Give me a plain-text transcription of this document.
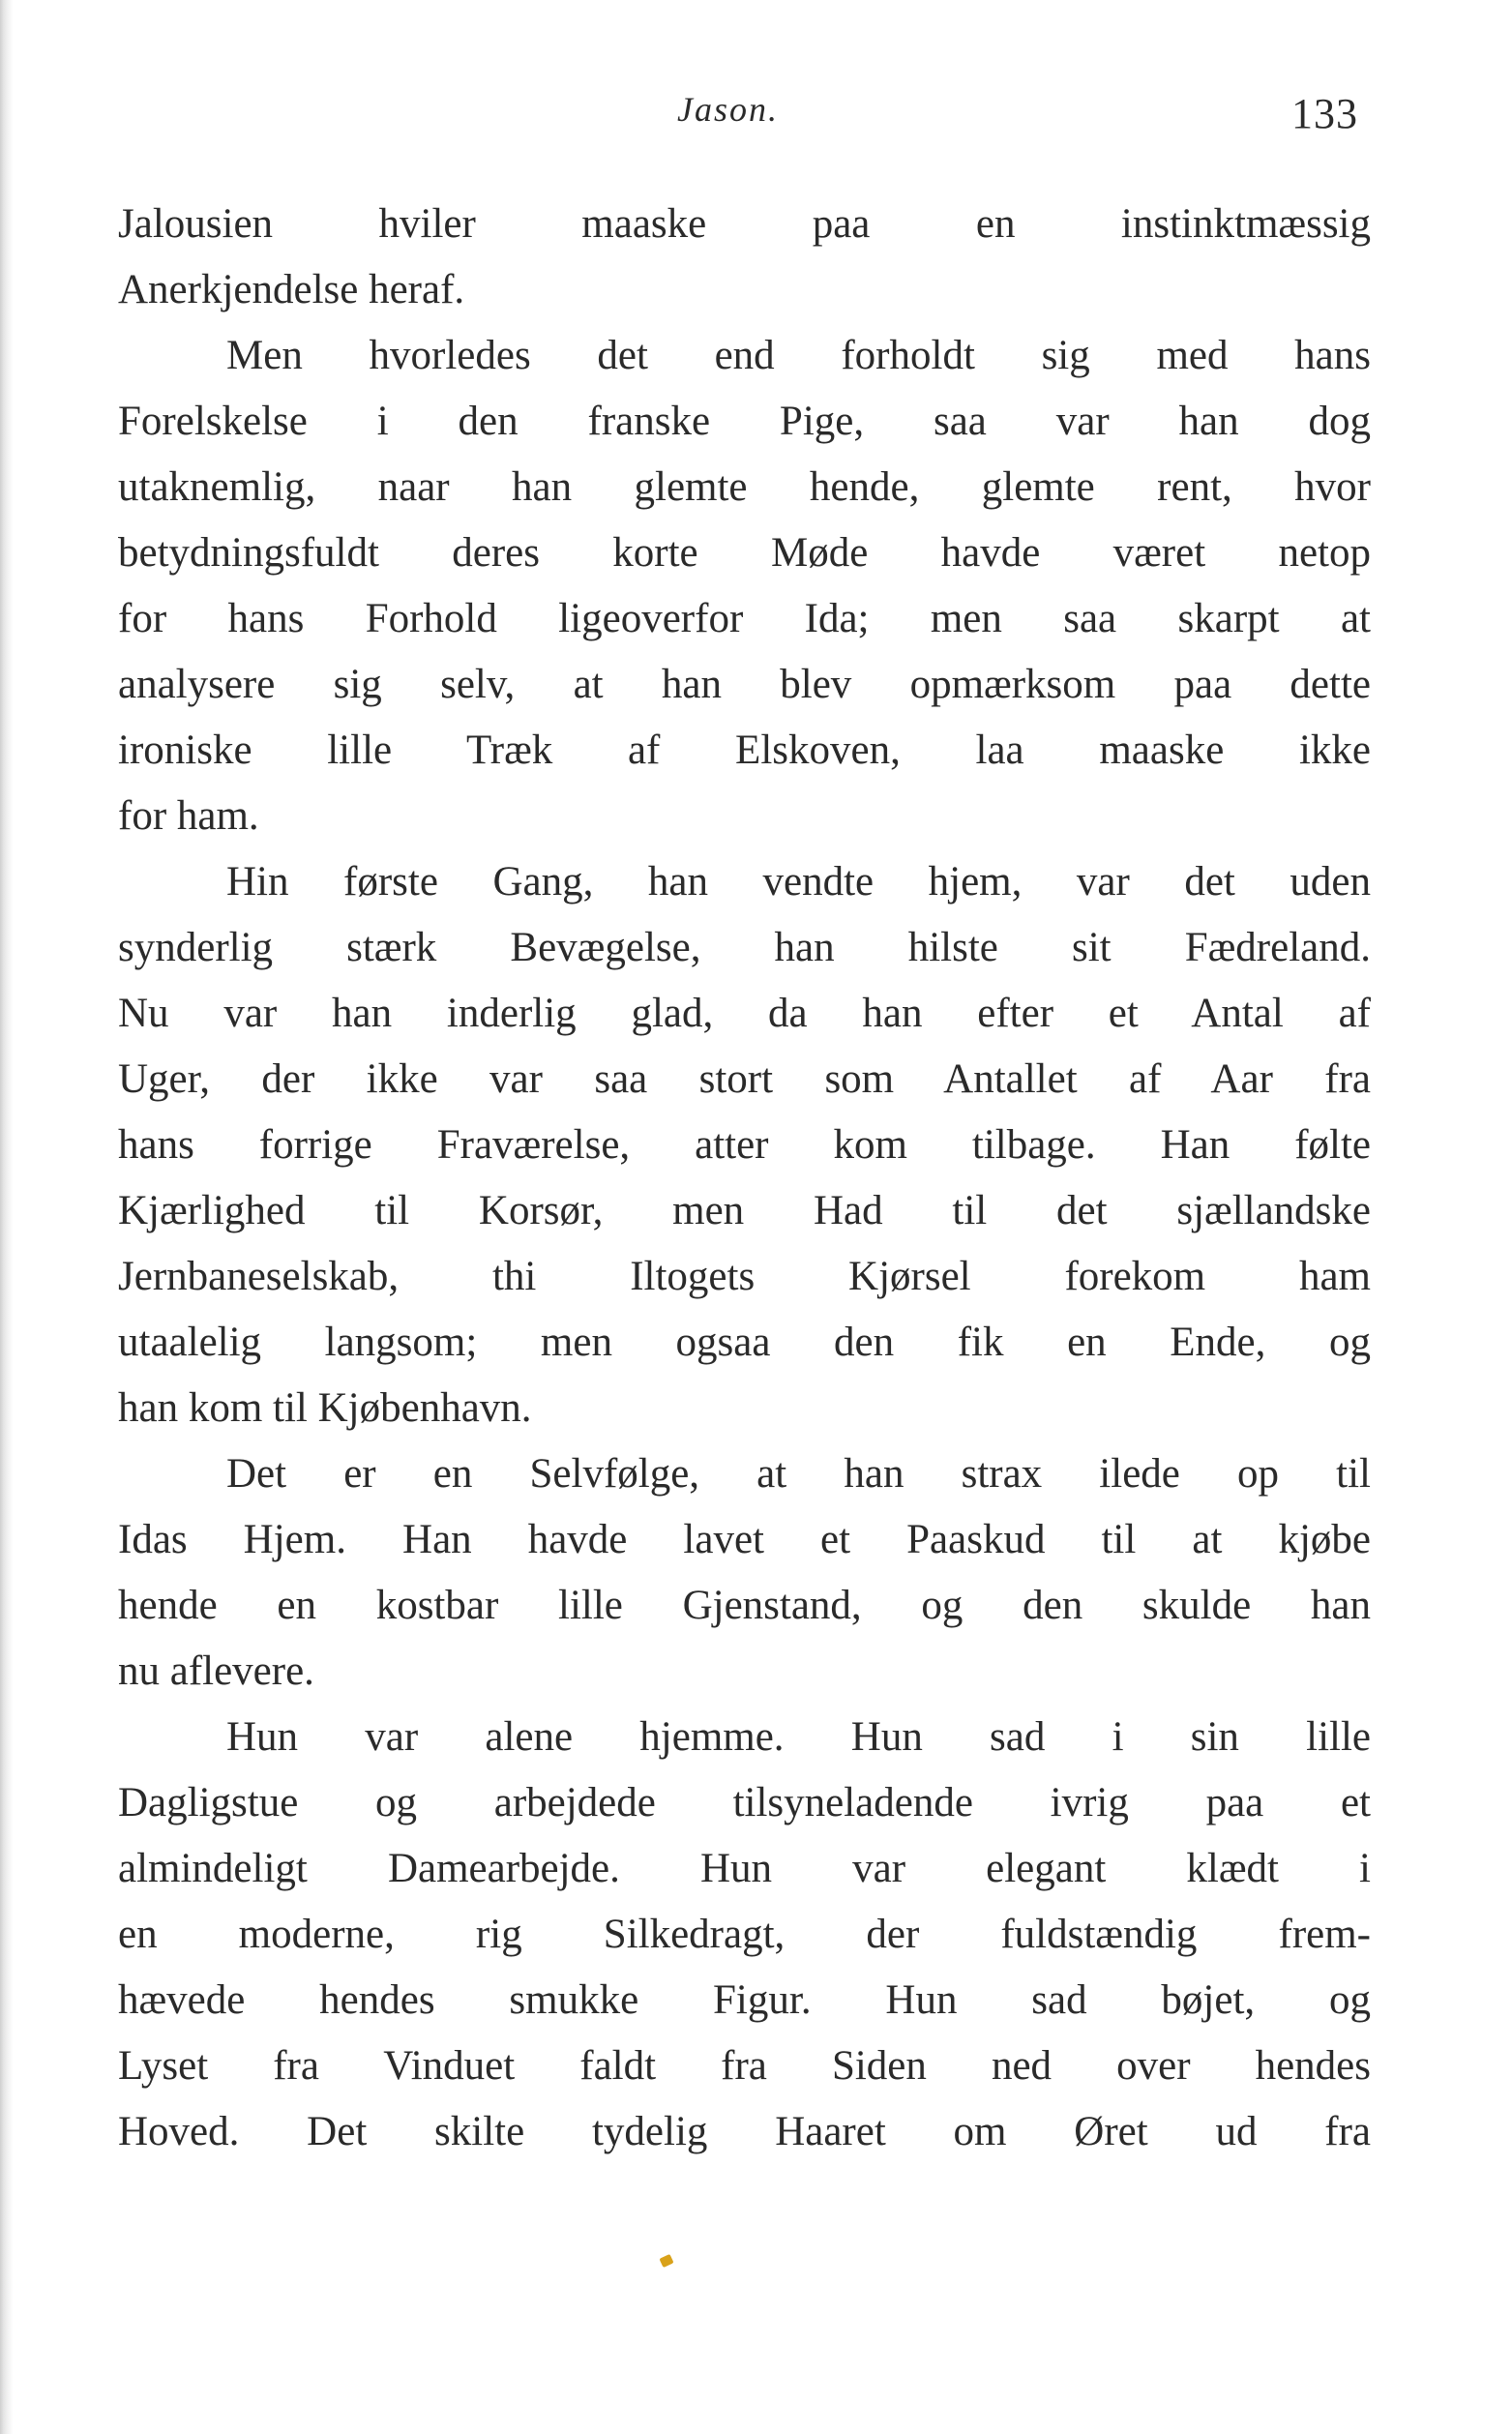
Jason.	133
Jalousien hviler maaske paa en instinktmæssig
Anerkjendelse heraf.
Men hvorledes det end forholdt sig med hans
Forelskelse i den franske Pige, saa var han dog
utaknemlig, naar han glemte hende, glemte rent, hvor
betydningsfuldt deres korte Møde havde været netop
for hans Forhold ligeoverfor Ida; men saa skarpt at
analysere sig selv, at han blev opmærksom paa dette
ironiske lille Træk af Elskoven, laa maaske ikke
for ham.
Hin første Gang, han vendte hjem, var det uden
synderlig stærk Bevægelse, han hilste sit Fædreland.
Nu var han inderlig glad, da han efter et Antal af
Uger, der ikke var saa stort som Antallet af Aar fra
hans forrige Fraværelse, atter kom tilbage. Han følte
Kjærlighed til Korsør, men Had til det sjællandske
Jernbaneselskab, thi Iltogets Kjørsel forekom ham
utaalelig langsom; men ogsaa den fik en Ende, og
han kom til Kjøbenhavn.
Det er en Selvfølge, at han strax ilede op til
Idas Hjem. Han havde lavet et Paaskud til at kjøbe
hende en kostbar lille Gjenstand, og den skulde han
nu aflevere.
Hun var alene hjemme. Hun sad i sin lille
Dagligstue og arbejdede tilsyneladende ivrig paa et
almindeligt Damearbejde. Hun var elegant klædt i
en moderne, rig Silkedragt, der fuldstændig frem-
hævede hendes smukke Figur. Hun sad bøjet, og
Lyset fra Vinduet faldt fra Siden ned over hendes
Hoved. Det skilte tydelig Haaret om Øret ud fra
